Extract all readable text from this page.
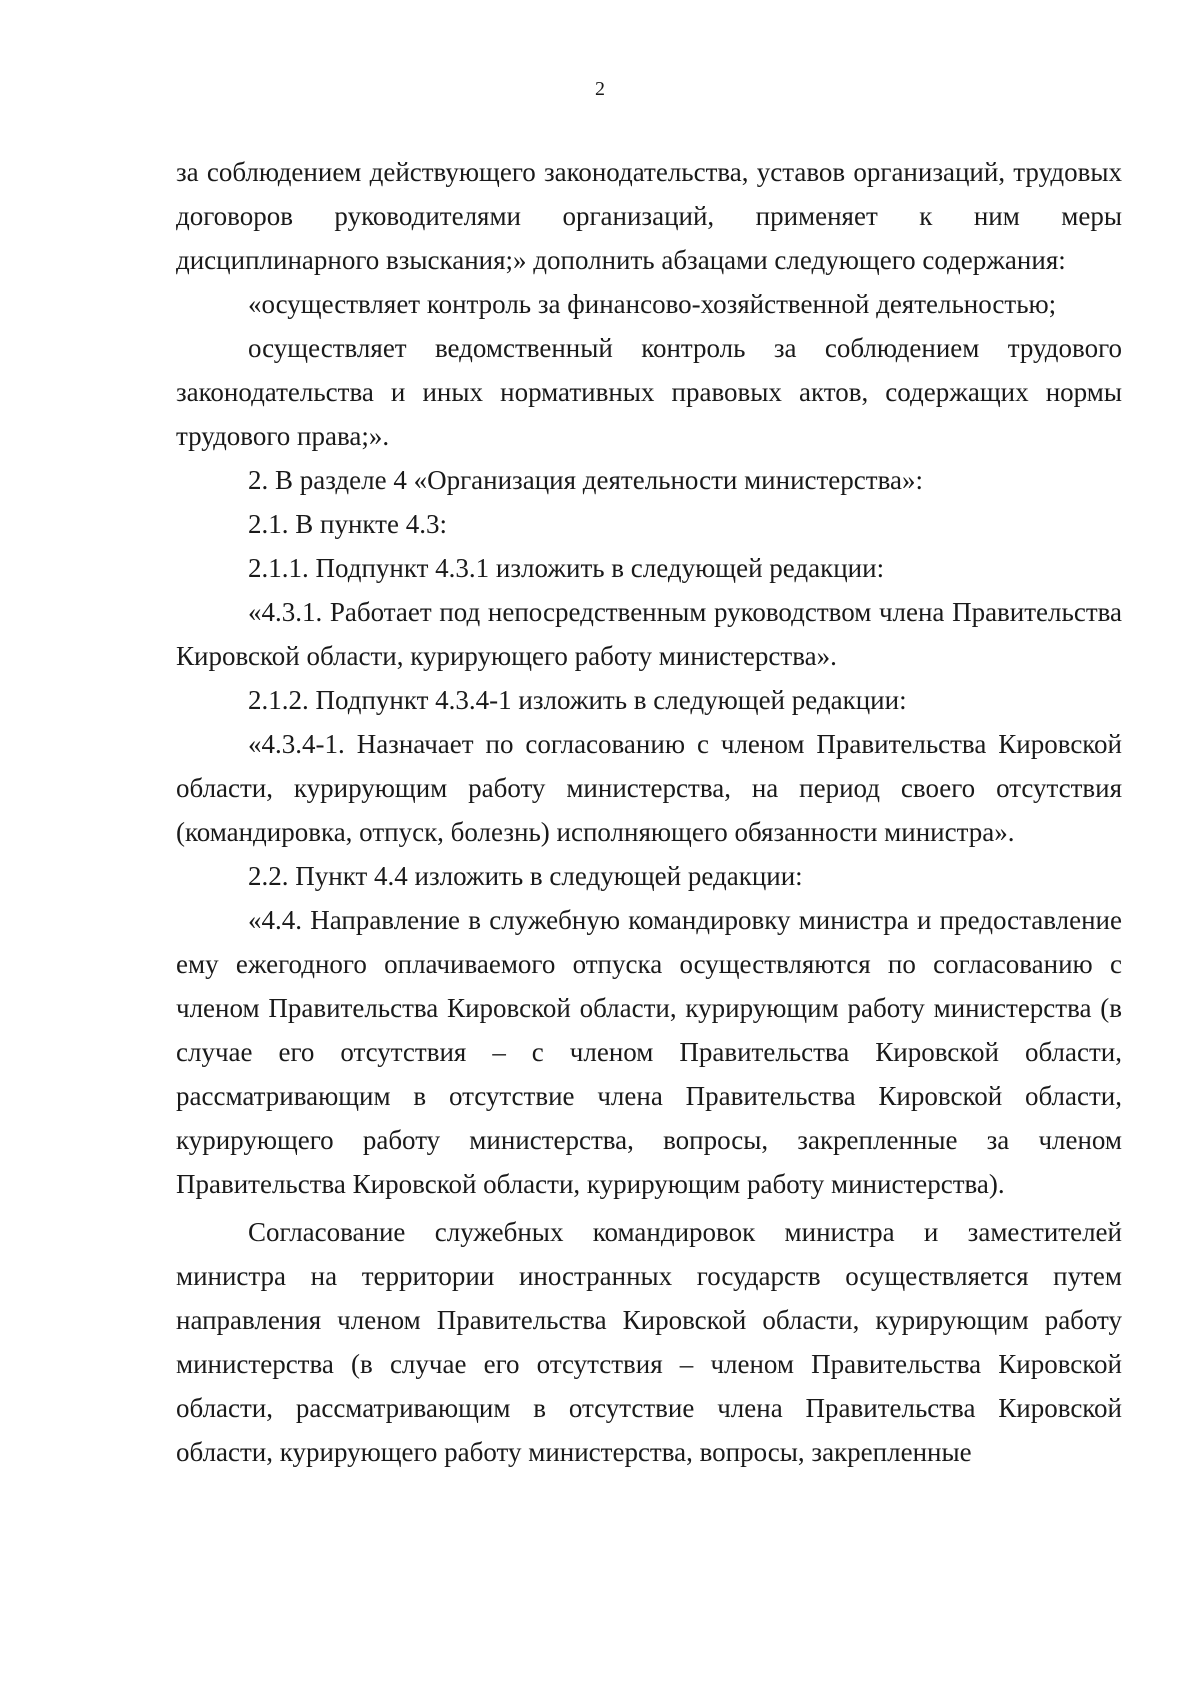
2

за соблюдением действующего законодательства, уставов организаций, трудовых договоров руководителями организаций, применяет к ним меры дисциплинарного взыскания;» дополнить абзацами следующего содержания:

«осуществляет контроль за финансово-хозяйственной деятельностью;

осуществляет ведомственный контроль за соблюдением трудового законодательства и иных нормативных правовых актов, содержащих нормы трудового права;».

2. В разделе 4 «Организация деятельности министерства»:

2.1. В пункте 4.3:

2.1.1. Подпункт 4.3.1 изложить в следующей редакции:

«4.3.1. Работает под непосредственным руководством члена Правительства Кировской области, курирующего работу министерства».

2.1.2. Подпункт 4.3.4-1 изложить в следующей редакции:

«4.3.4-1. Назначает по согласованию с членом Правительства Кировской области, курирующим работу министерства, на период своего отсутствия (командировка, отпуск, болезнь) исполняющего обязанности министра».

2.2. Пункт 4.4 изложить в следующей редакции:

«4.4. Направление в служебную командировку министра и предоставление ему ежегодного оплачиваемого отпуска осуществляются по согласованию с членом Правительства Кировской области, курирующим работу министерства (в случае его отсутствия – с членом Правительства Кировской области, рассматривающим в отсутствие члена Правительства Кировской области, курирующего работу министерства, вопросы, закрепленные за членом Правительства Кировской области, курирующим работу министерства).

Согласование служебных командировок министра и заместителей министра на территории иностранных государств осуществляется путем направления членом Правительства Кировской области, курирующим работу министерства (в случае его отсутствия – членом Правительства Кировской области, рассматривающим в отсутствие члена Правительства Кировской области, курирующего работу министерства, вопросы, закрепленные
